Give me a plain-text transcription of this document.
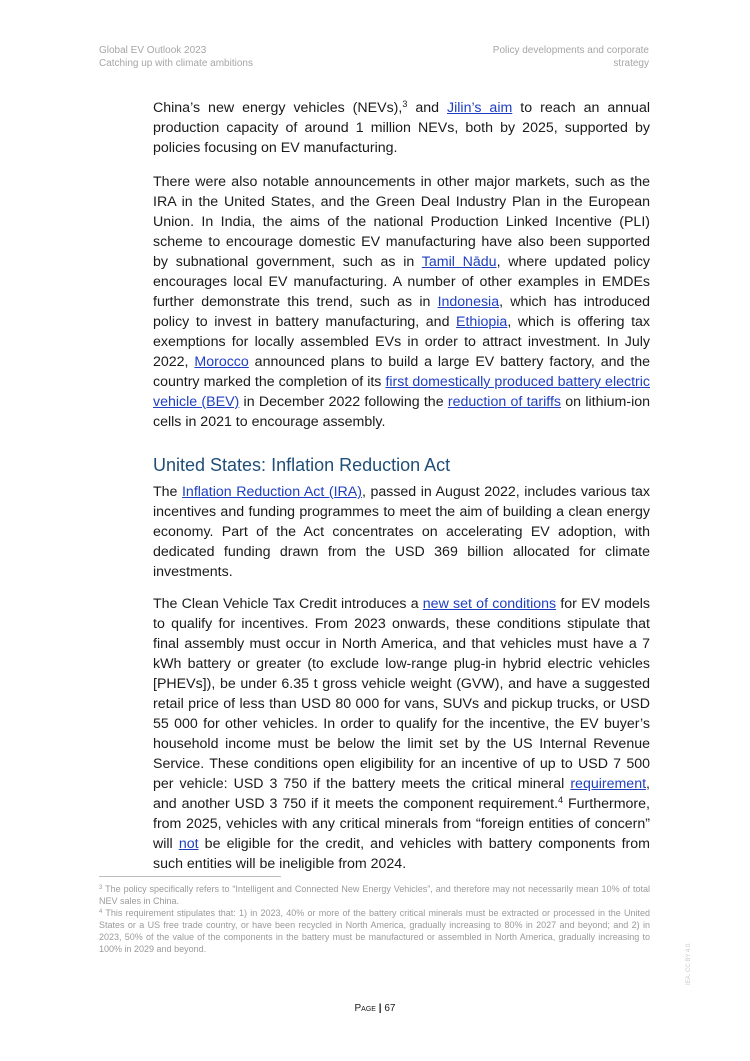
Global EV Outlook 2023
Catching up with climate ambitions
Policy developments and corporate strategy

China’s new energy vehicles (NEVs),$^3$ and Jilin’s aim to reach an annual production capacity of around 1 million NEVs, both by 2025, supported by policies focusing on EV manufacturing.

There were also notable announcements in other major markets, such as the IRA in the United States, and the Green Deal Industry Plan in the European Union. In India, the aims of the national Production Linked Incentive (PLI) scheme to encourage domestic EV manufacturing have also been supported by subnational government, such as in Tamil Nādu, where updated policy encourages local EV manufacturing. A number of other examples in EMDEs further demonstrate this trend, such as in Indonesia, which has introduced policy to invest in battery manufacturing, and Ethiopia, which is offering tax exemptions for locally assembled EVs in order to attract investment. In July 2022, Morocco announced plans to build a large EV battery factory, and the country marked the completion of its first domestically produced battery electric vehicle (BEV) in December 2022 following the reduction of tariffs on lithium-ion cells in 2021 to encourage assembly.

United States: Inflation Reduction Act

The Inflation Reduction Act (IRA), passed in August 2022, includes various tax incentives and funding programmes to meet the aim of building a clean energy economy. Part of the Act concentrates on accelerating EV adoption, with dedicated funding drawn from the USD 369 billion allocated for climate investments.

The Clean Vehicle Tax Credit introduces a new set of conditions for EV models to qualify for incentives. From 2023 onwards, these conditions stipulate that final assembly must occur in North America, and that vehicles must have a 7 kWh battery or greater (to exclude low-range plug-in hybrid electric vehicles [PHEVs]), be under 6.35 t gross vehicle weight (GVW), and have a suggested retail price of less than USD 80 000 for vans, SUVs and pickup trucks, or USD 55 000 for other vehicles. In order to qualify for the incentive, the EV buyer’s household income must be below the limit set by the US Internal Revenue Service. These conditions open eligibility for an incentive of up to USD 7 500 per vehicle: USD 3 750 if the battery meets the critical mineral requirement, and another USD 3 750 if it meets the component requirement.$^4$ Furthermore, from 2025, vehicles with any critical minerals from “foreign entities of concern” will not be eligible for the credit, and vehicles with battery components from such entities will be ineligible from 2024.

$^3$ The policy specifically refers to “Intelligent and Connected New Energy Vehicles”, and therefore may not necessarily mean 10% of total NEV sales in China.

$^4$ This requirement stipulates that: 1) in 2023, 40% or more of the battery critical minerals must be extracted or processed in the United States or a US free trade country, or have been recycled in North America, gradually increasing to 80% in 2027 and beyond; and 2) in 2023, 50% of the value of the components in the battery must be manufactured or assembled in North America, gradually increasing to 100% in 2029 and beyond.

Page | 67
IEA. CC BY 4.0.
